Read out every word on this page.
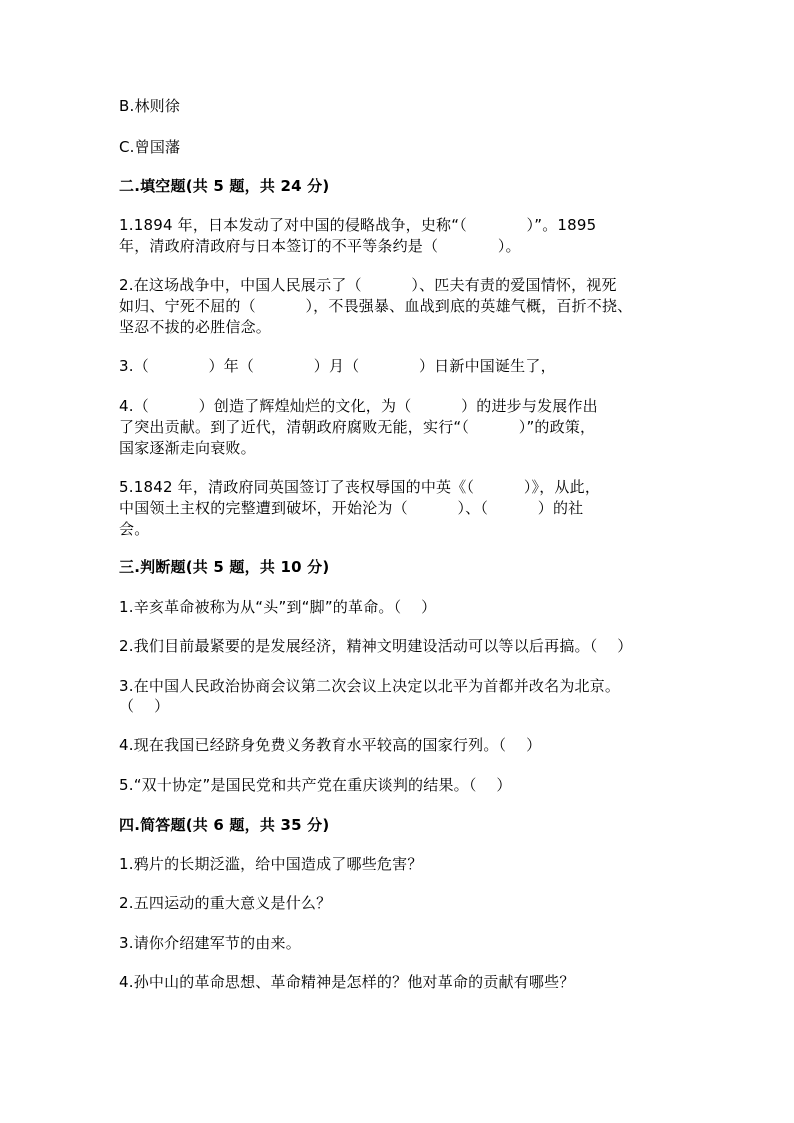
B.林则徐
C.曾国藩
二.填空题(共 5 题，共 24 分)
1.1894 年，日本发动了对中国的侵略战争，史称“（            ）”。1895
年，清政府清政府与日本签订的不平等条约是（            ）。
2.在这场战争中，中国人民展示了（          ）、匹夫有责的爱国情怀，视死
如归、宁死不屈的（          ），不畏强暴、血战到底的英雄气概，百折不挠、
坚忍不拔的必胜信念。
3.（            ）年（            ）月（            ）日新中国诞生了，
4.（          ）创造了辉煌灿烂的文化，为（          ）的进步与发展作出
了突出贡献。到了近代，清朝政府腐败无能，实行“（          ）”的政策，
国家逐渐走向衰败。
5.1842 年，清政府同英国签订了丧权辱国的中英《（          ）》，从此，
中国领土主权的完整遭到破坏，开始沦为（          ）、（          ）的社
会。
三.判断题(共 5 题，共 10 分)
1.辛亥革命被称为从“头”到“脚”的革命。（    ）
2.我们目前最紧要的是发展经济，精神文明建设活动可以等以后再搞。（    ）
3.在中国人民政治协商会议第二次会议上决定以北平为首都并改名为北京。
（    ）
4.现在我国已经跻身免费义务教育水平较高的国家行列。（    ）
5.“双十协定”是国民党和共产党在重庆谈判的结果。（    ）
四.简答题(共 6 题，共 35 分)
1.鸦片的长期泛滥，给中国造成了哪些危害？
2.五四运动的重大意义是什么？
3.请你介绍建军节的由来。
4.孙中山的革命思想、革命精神是怎样的？他对革命的贡献有哪些？
